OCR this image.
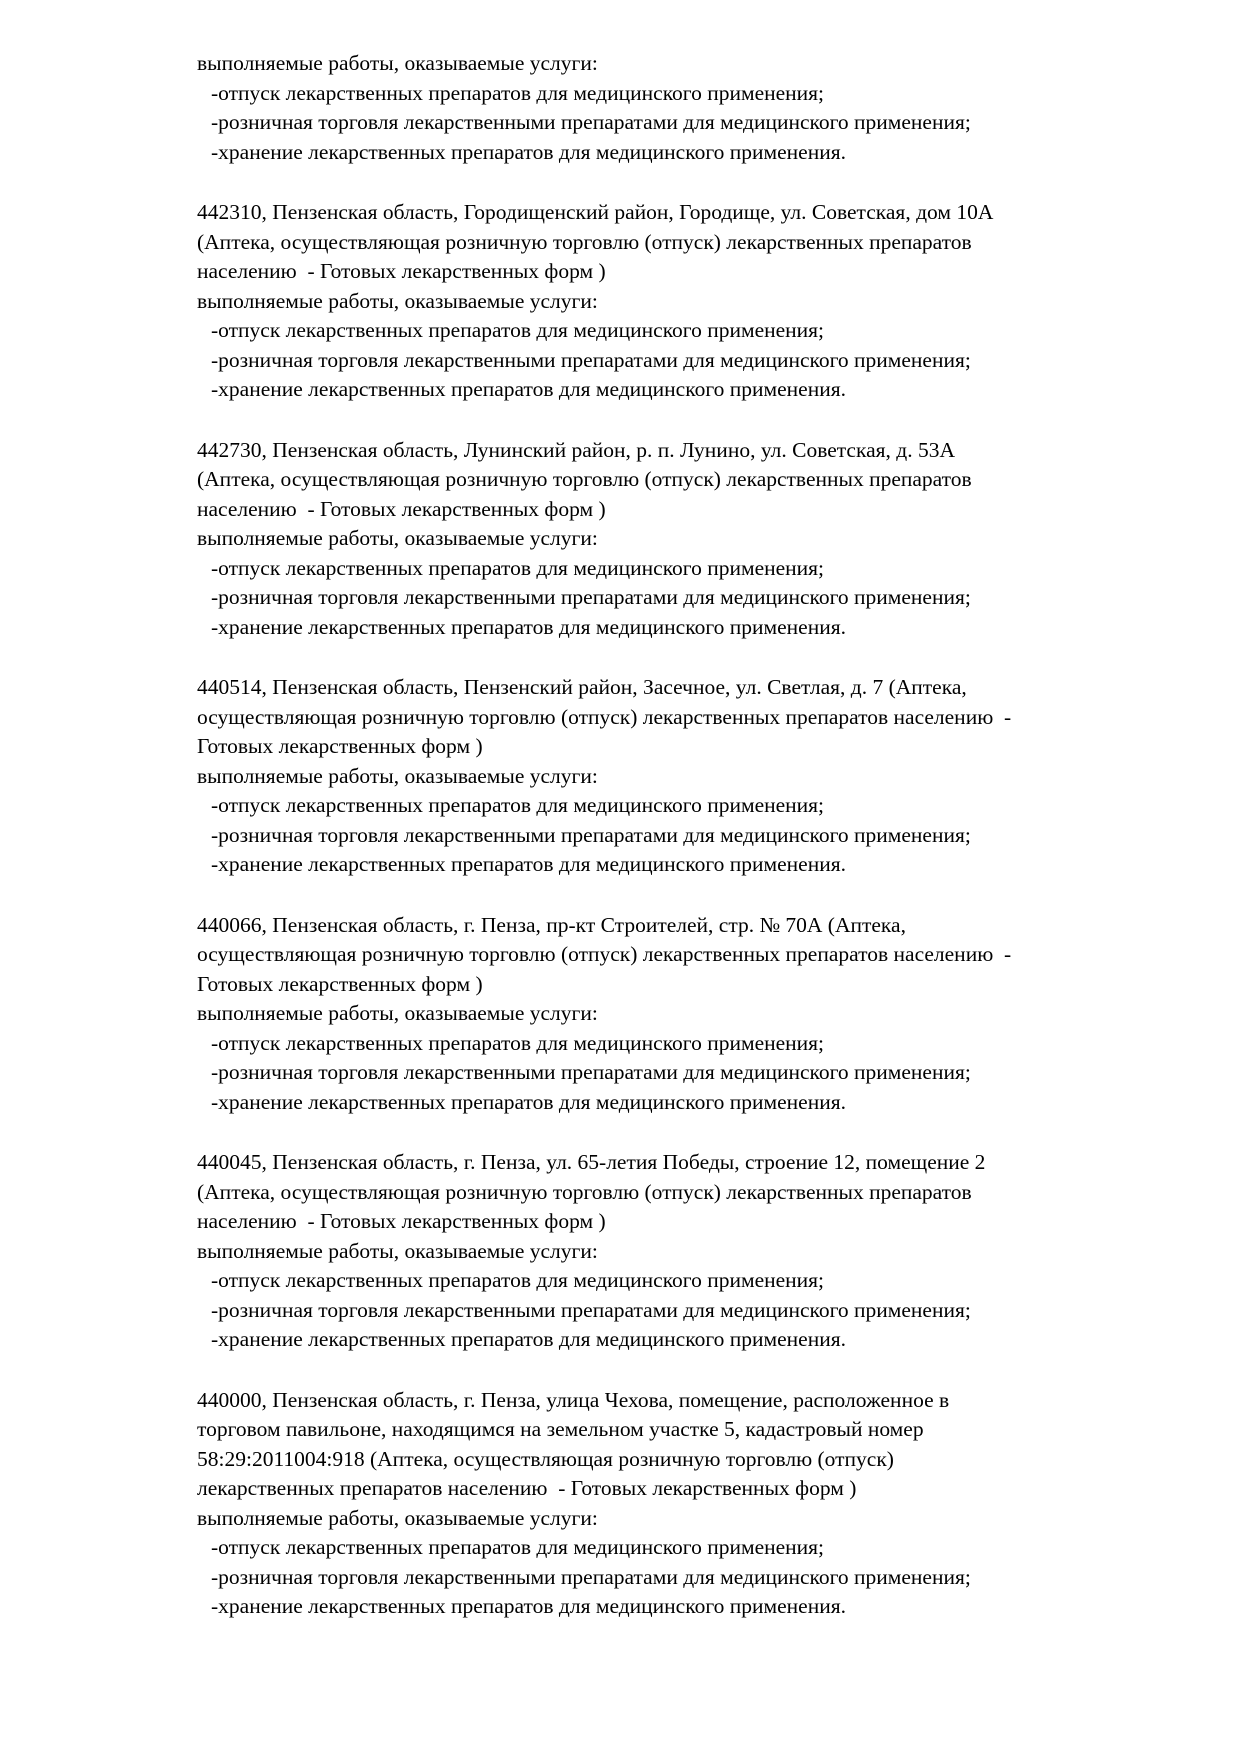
выполняемые работы, оказываемые услуги:
-отпуск лекарственных препаратов для медицинского применения;
-розничная торговля лекарственными препаратами для медицинского применения;
-хранение лекарственных препаратов для медицинского применения.
442310, Пензенская область, Городищенский район, Городище, ул. Советская, дом 10А
(Аптека, осуществляющая розничную торговлю (отпуск) лекарственных препаратов
населению  - Готовых лекарственных форм )
выполняемые работы, оказываемые услуги:
-отпуск лекарственных препаратов для медицинского применения;
-розничная торговля лекарственными препаратами для медицинского применения;
-хранение лекарственных препаратов для медицинского применения.
442730, Пензенская область, Лунинский район, р. п. Лунино, ул. Советская, д. 53А
(Аптека, осуществляющая розничную торговлю (отпуск) лекарственных препаратов
населению  - Готовых лекарственных форм )
выполняемые работы, оказываемые услуги:
-отпуск лекарственных препаратов для медицинского применения;
-розничная торговля лекарственными препаратами для медицинского применения;
-хранение лекарственных препаратов для медицинского применения.
440514, Пензенская область, Пензенский район, Засечное, ул. Светлая, д. 7 (Аптека,
осуществляющая розничную торговлю (отпуск) лекарственных препаратов населению  -
Готовых лекарственных форм )
выполняемые работы, оказываемые услуги:
-отпуск лекарственных препаратов для медицинского применения;
-розничная торговля лекарственными препаратами для медицинского применения;
-хранение лекарственных препаратов для медицинского применения.
440066, Пензенская область, г. Пенза, пр-кт Строителей, стр. № 70А (Аптека,
осуществляющая розничную торговлю (отпуск) лекарственных препаратов населению  -
Готовых лекарственных форм )
выполняемые работы, оказываемые услуги:
-отпуск лекарственных препаратов для медицинского применения;
-розничная торговля лекарственными препаратами для медицинского применения;
-хранение лекарственных препаратов для медицинского применения.
440045, Пензенская область, г. Пенза, ул. 65-летия Победы, строение 12, помещение 2
(Аптека, осуществляющая розничную торговлю (отпуск) лекарственных препаратов
населению  - Готовых лекарственных форм )
выполняемые работы, оказываемые услуги:
-отпуск лекарственных препаратов для медицинского применения;
-розничная торговля лекарственными препаратами для медицинского применения;
-хранение лекарственных препаратов для медицинского применения.
440000, Пензенская область, г. Пенза, улица Чехова, помещение, расположенное в
торговом павильоне, находящимся на земельном участке 5, кадастровый номер
58:29:2011004:918 (Аптека, осуществляющая розничную торговлю (отпуск)
лекарственных препаратов населению  - Готовых лекарственных форм )
выполняемые работы, оказываемые услуги:
-отпуск лекарственных препаратов для медицинского применения;
-розничная торговля лекарственными препаратами для медицинского применения;
-хранение лекарственных препаратов для медицинского применения.
